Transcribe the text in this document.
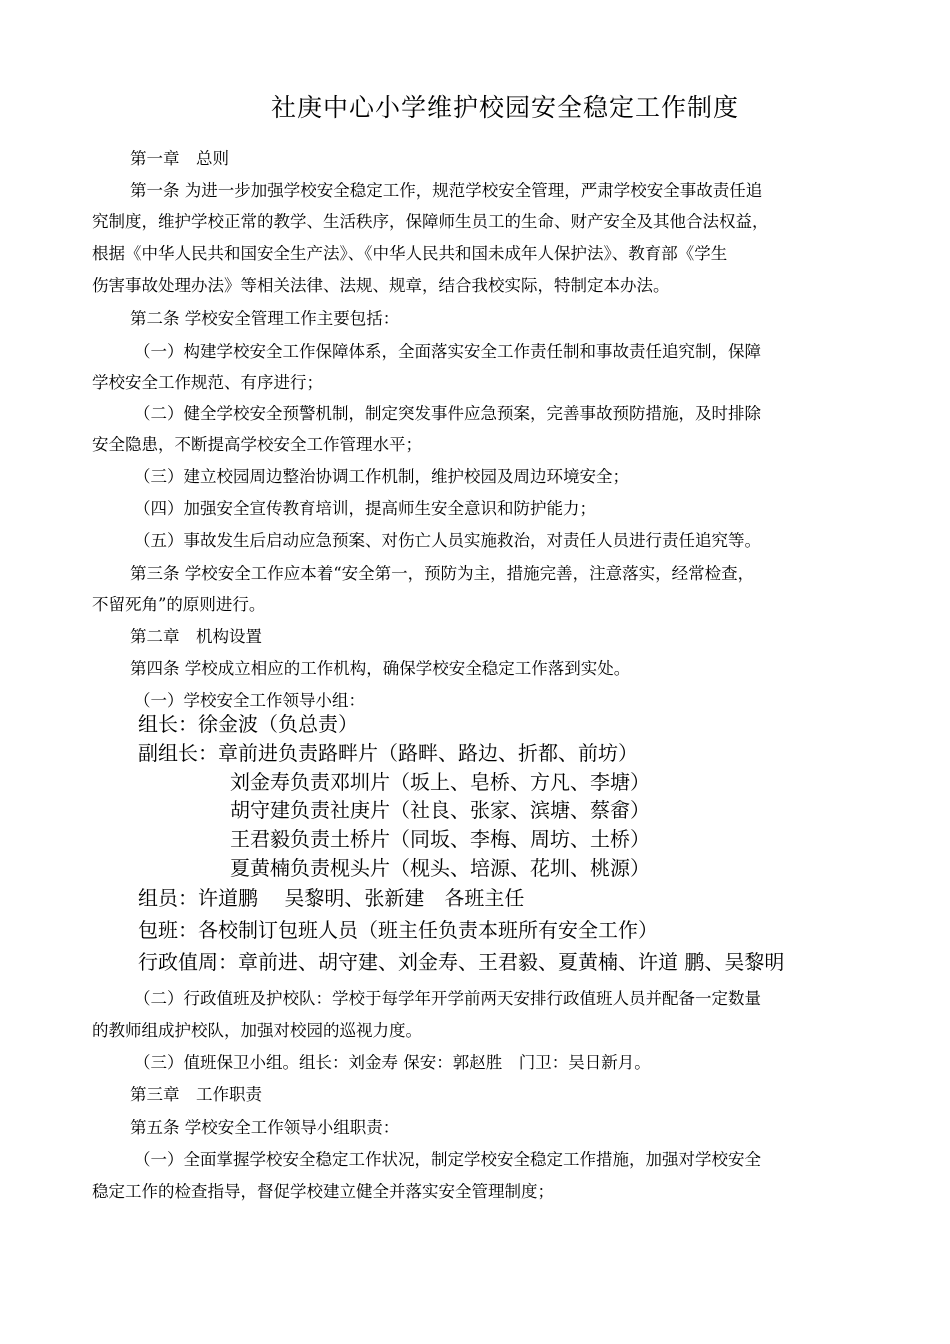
社庚中心小学维护校园安全稳定工作制度
第一章　总则
第一条 为进一步加强学校安全稳定工作，规范学校安全管理，严肃学校安全事故责任追
究制度，维护学校正常的教学、生活秩序，保障师生员工的生命、财产安全及其他合法权益，
根据《中华人民共和国安全生产法》、《中华人民共和国未成年人保护法》、教育部《学生
伤害事故处理办法》等相关法律、法规、规章，结合我校实际，特制定本办法。
第二条 学校安全管理工作主要包括：
（一）构建学校安全工作保障体系，全面落实安全工作责任制和事故责任追究制，保障
学校安全工作规范、有序进行；
（二）健全学校安全预警机制，制定突发事件应急预案，完善事故预防措施，及时排除
安全隐患，不断提高学校安全工作管理水平；
（三）建立校园周边整治协调工作机制，维护校园及周边环境安全；
（四）加强安全宣传教育培训，提高师生安全意识和防护能力；
（五）事故发生后启动应急预案、对伤亡人员实施救治，对责任人员进行责任追究等。
第三条 学校安全工作应本着“安全第一，预防为主，措施完善，注意落实，经常检查，
不留死角”的原则进行。
第二章　机构设置
第四条 学校成立相应的工作机构，确保学校安全稳定工作落到实处。
（一）学校安全工作领导小组：
组长：徐金波（负总责）
副组长：章前进负责路畔片（路畔、路边、折都、前坊）
刘金寿负责邓圳片（坂上、皂桥、方凡、李塘）
胡守建负责社庚片（社良、张家、滨塘、蔡畲）
王君毅负责土桥片（同坂、李梅、周坊、土桥）
夏黄楠负责枧头片（枧头、培源、花圳、桃源）
组员：许道鹏　 吴黎明、张新建　各班主任
包班：各校制订包班人员（班主任负责本班所有安全工作）
行政值周：章前进、胡守建、刘金寿、王君毅、夏黄楠、许道 鹏、吴黎明
（二）行政值班及护校队：学校于每学年开学前两天安排行政值班人员并配备一定数量
的教师组成护校队，加强对校园的巡视力度。
（三）值班保卫小组。组长：刘金寿 保安：郭赵胜　门卫：吴日新月。
第三章　工作职责
第五条 学校安全工作领导小组职责：
（一）全面掌握学校安全稳定工作状况，制定学校安全稳定工作措施，加强对学校安全
稳定工作的检查指导，督促学校建立健全并落实安全管理制度；
